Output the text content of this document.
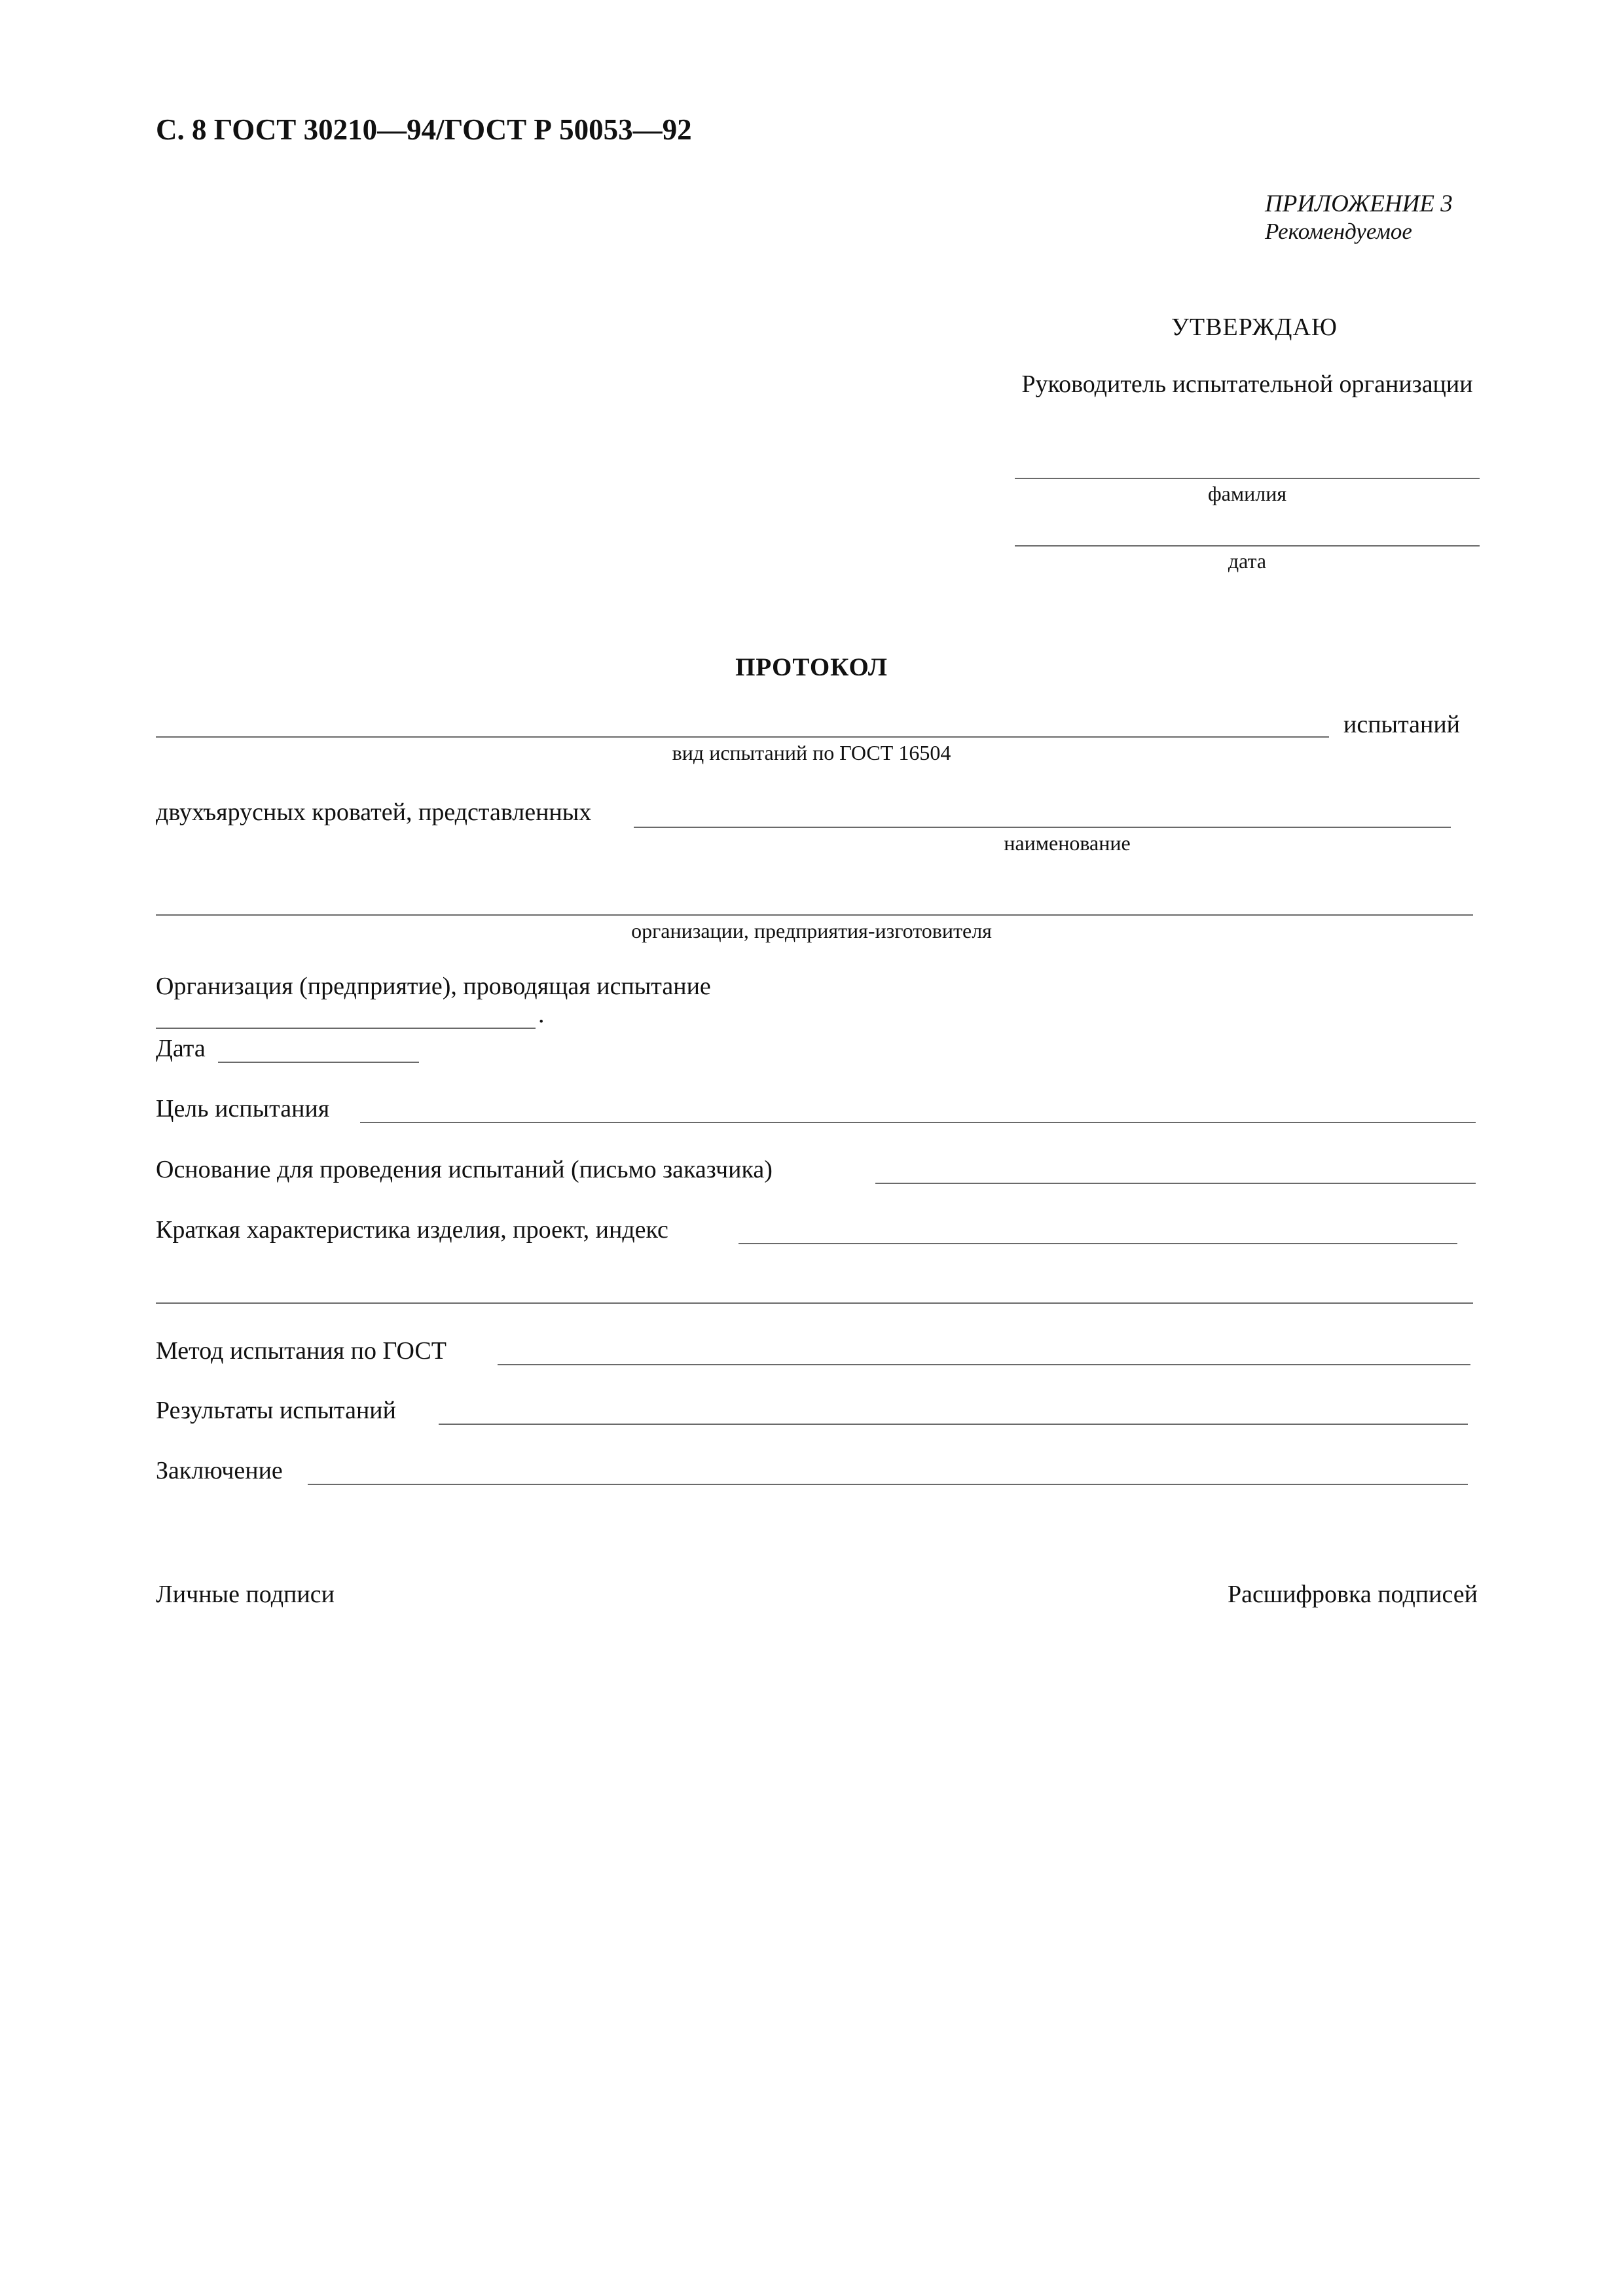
С. 8 ГОСТ 30210—94/ГОСТ Р 50053—92
ПРИЛОЖЕНИЕ 3
Рекомендуемое
УТВЕРЖДАЮ
Руководитель испытательной организации
фамилия
дата
ПРОТОКОЛ
испытаний
вид испытаний по ГОСТ 16504
двухъярусных кроватей, представленных
наименование
организации, предприятия-изготовителя
Организация (предприятие), проводящая испытание
.
Дата
Цель испытания
Основание для проведения испытаний (письмо заказчика)
Краткая характеристика изделия, проект, индекс
Метод испытания по ГОСТ
Результаты испытаний
Заключение
Личные подписи	Расшифровка подписей
